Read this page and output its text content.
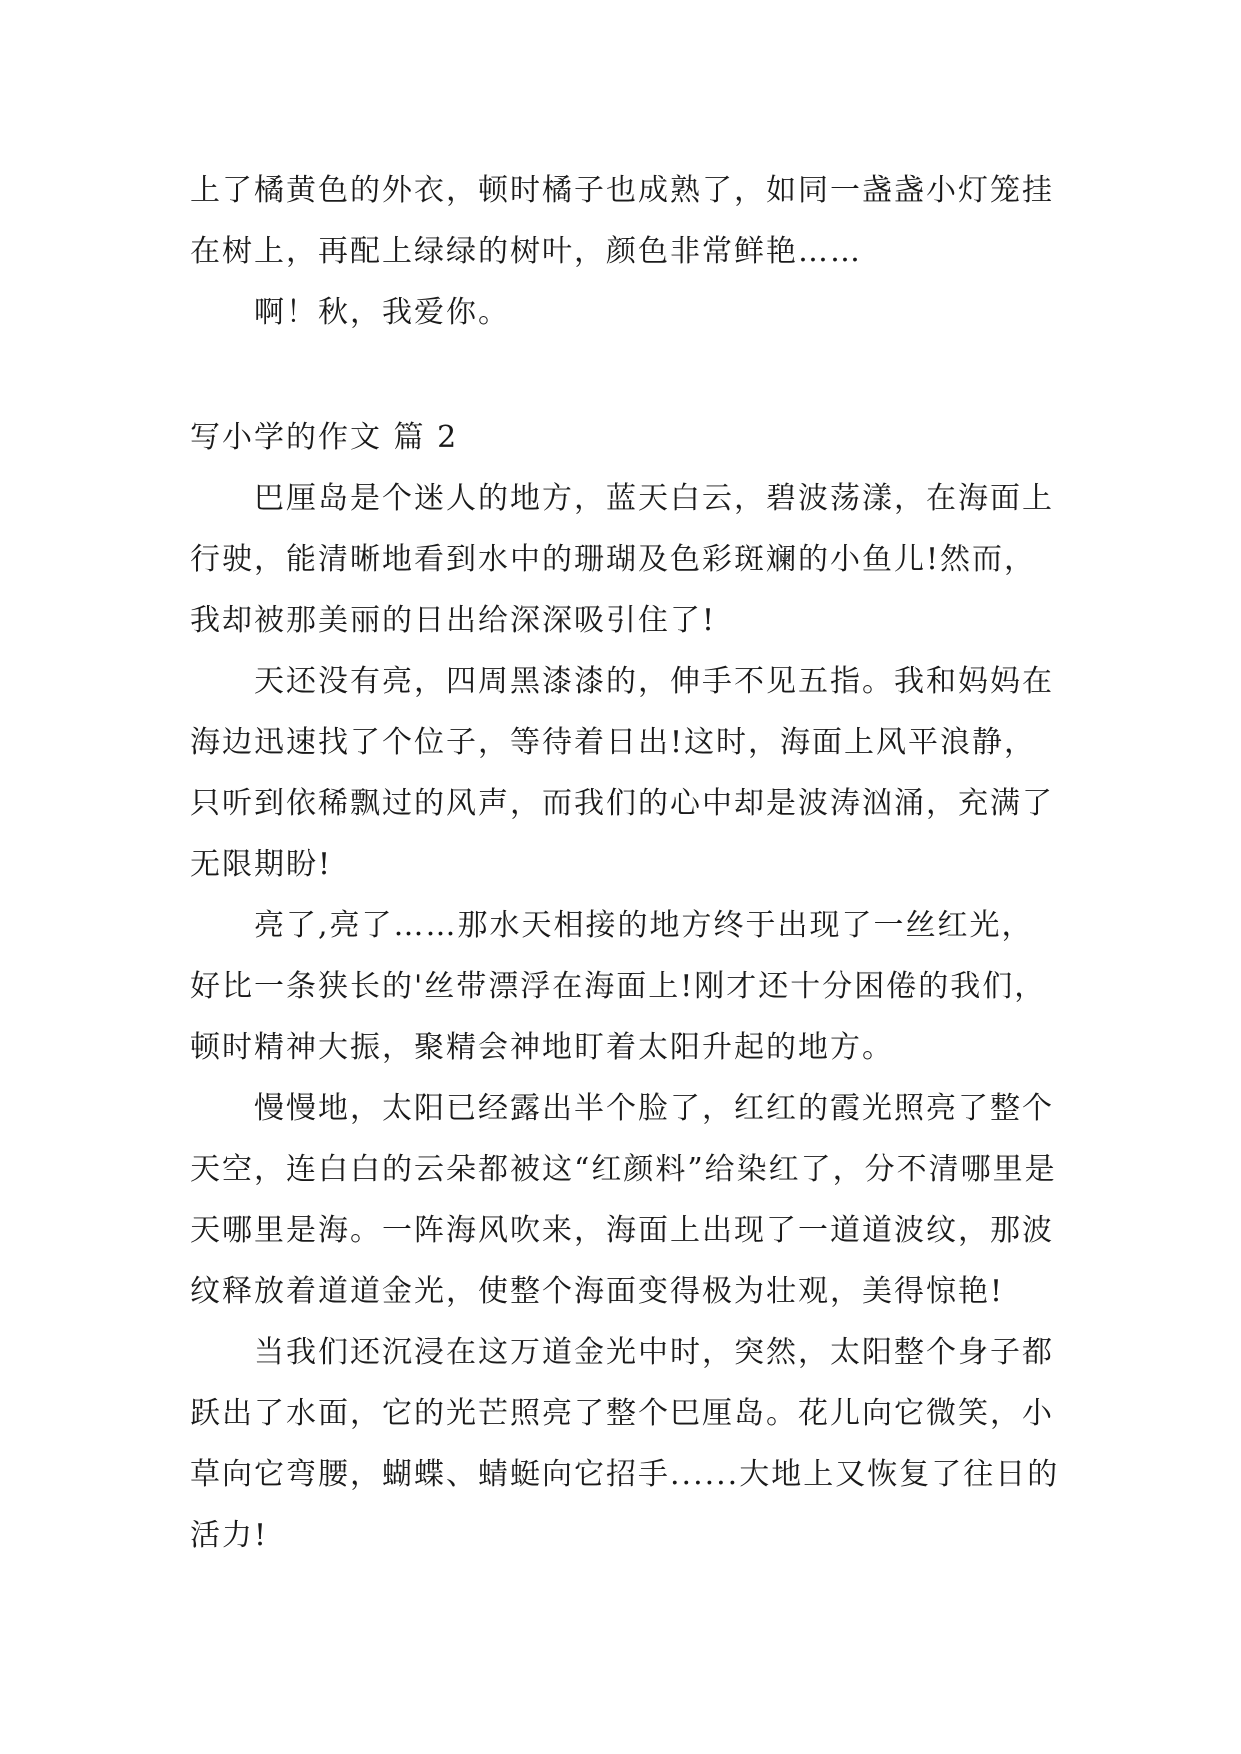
上了橘黄色的外衣，顿时橘子也成熟了，如同一盏盏小灯笼挂在树上，再配上绿绿的树叶，颜色非常鲜艳……

啊！秋，我爱你。

写小学的作文 篇 2

巴厘岛是个迷人的地方，蓝天白云，碧波荡漾，在海面上行驶，能清晰地看到水中的珊瑚及色彩斑斓的小鱼儿!然而，我却被那美丽的日出给深深吸引住了!

天还没有亮，四周黑漆漆的，伸手不见五指。我和妈妈在海边迅速找了个位子，等待着日出!这时，海面上风平浪静，只听到依稀飘过的风声，而我们的心中却是波涛汹涌，充满了无限期盼!

亮了,亮了……那水天相接的地方终于出现了一丝红光，好比一条狭长的'丝带漂浮在海面上!刚才还十分困倦的我们，顿时精神大振，聚精会神地盯着太阳升起的地方。

慢慢地，太阳已经露出半个脸了，红红的霞光照亮了整个天空，连白白的云朵都被这“红颜料”给染红了，分不清哪里是天哪里是海。一阵海风吹来，海面上出现了一道道波纹，那波纹释放着道道金光，使整个海面变得极为壮观，美得惊艳!

当我们还沉浸在这万道金光中时，突然，太阳整个身子都跃出了水面，它的光芒照亮了整个巴厘岛。花儿向它微笑，小草向它弯腰，蝴蝶、蜻蜓向它招手......大地上又恢复了往日的活力!
